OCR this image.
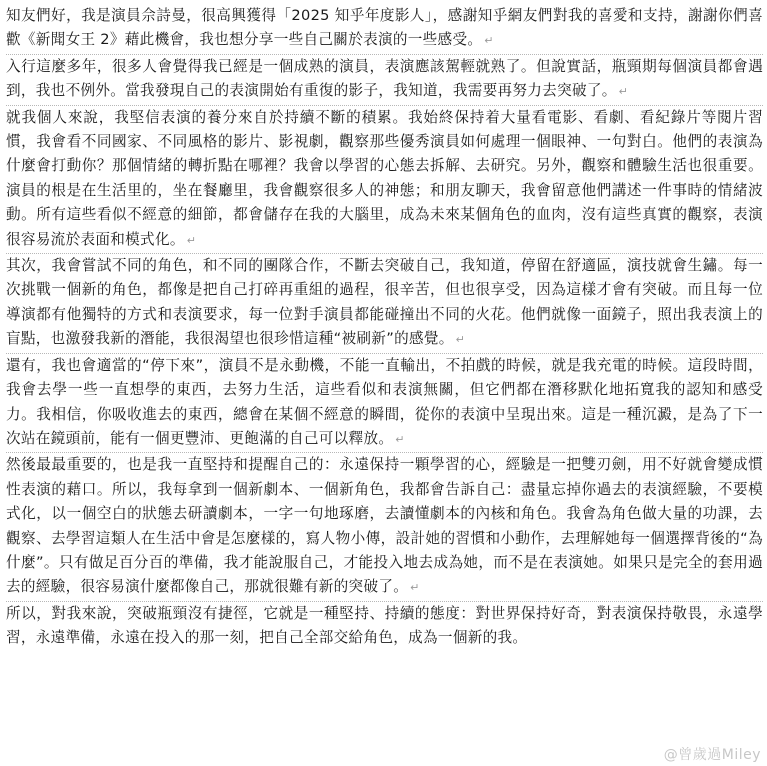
知友們好，我是演員佘詩曼，很高興獲得「2025 知乎年度影人」，感謝知乎網友們對我的喜愛和支持，謝謝你們喜歡《新聞女王 2》藉此機會，我也想分享一些自己關於表演的一些感受。 ↵

入行這麼多年，很多人會覺得我已經是一個成熟的演員，表演應該駕輕就熟了。但說實話，瓶頸期每個演員都會遇到，我也不例外。當我發現自己的表演開始有重復的影子，我知道，我需要再努力去突破了。 ↵

就我個人來說，我堅信表演的養分來自於持續不斷的積累。我始終保持着大量看電影、看劇、看紀錄片等閱片習慣，我會看不同國家、不同風格的影片、影視劇，觀察那些優秀演員如何處理一個眼神、一句對白。他們的表演為什麼會打動你？那個情緒的轉折點在哪裡？我會以學習的心態去拆解、去研究。另外，觀察和體驗生活也很重要。演員的根是在生活里的，坐在餐廳里，我會觀察很多人的神態；和朋友聊天，我會留意他們講述一件事時的情緒波動。所有這些看似不經意的細節，都會儲存在我的大腦里，成為未來某個角色的血肉，沒有這些真實的觀察，表演很容易流於表面和模式化。 ↵

其次，我會嘗試不同的角色，和不同的團隊合作，不斷去突破自己，我知道，停留在舒適區，演技就會生鏽。每一次挑戰一個新的角色，都像是把自己打碎再重組的過程，很辛苦，但也很享受，因為這樣才會有突破。而且每一位導演都有他獨特的方式和表演要求，每一位對手演員都能碰撞出不同的火花。他們就像一面鏡子，照出我表演上的盲點，也激發我新的潛能，我很渴望也很珍惜這種“被刷新”的感覺。 ↵

還有，我也會適當的“停下來”，演員不是永動機，不能一直輸出，不拍戲的時候，就是我充電的時候。這段時間，我會去學一些一直想學的東西，去努力生活，這些看似和表演無關，但它們都在潛移默化地拓寬我的認知和感受力。我相信，你吸收進去的東西，總會在某個不經意的瞬間，從你的表演中呈現出來。這是一種沉澱，是為了下一次站在鏡頭前，能有一個更豐沛、更飽滿的自己可以釋放。 ↵

然後最最重要的，也是我一直堅持和提醒自己的：永遠保持一顆學習的心，經驗是一把雙刃劍，用不好就會變成慣性表演的藉口。所以，我每拿到一個新劇本、一個新角色，我都會告訴自己：盡量忘掉你過去的表演經驗，不要模式化，以一個空白的狀態去研讀劇本，一字一句地琢磨，去讀懂劇本的內核和角色。我會為角色做大量的功課，去觀察、去學習這類人在生活中會是怎麼樣的，寫人物小傳，設計她的習慣和小動作，去理解她每一個選擇背後的“為什麼”。只有做足百分百的準備，我才能說服自己，才能投入地去成為她，而不是在表演她。如果只是完全的套用過去的經驗，很容易演什麼都像自己，那就很難有新的突破了。 ↵

所以，對我來說，突破瓶頸沒有捷徑，它就是一種堅持、持續的態度：對世界保持好奇，對表演保持敬畏，永遠學習，永遠準備，永遠在投入的那一刻，把自己全部交給角色，成為一個新的我。

@曾歲過Miley
